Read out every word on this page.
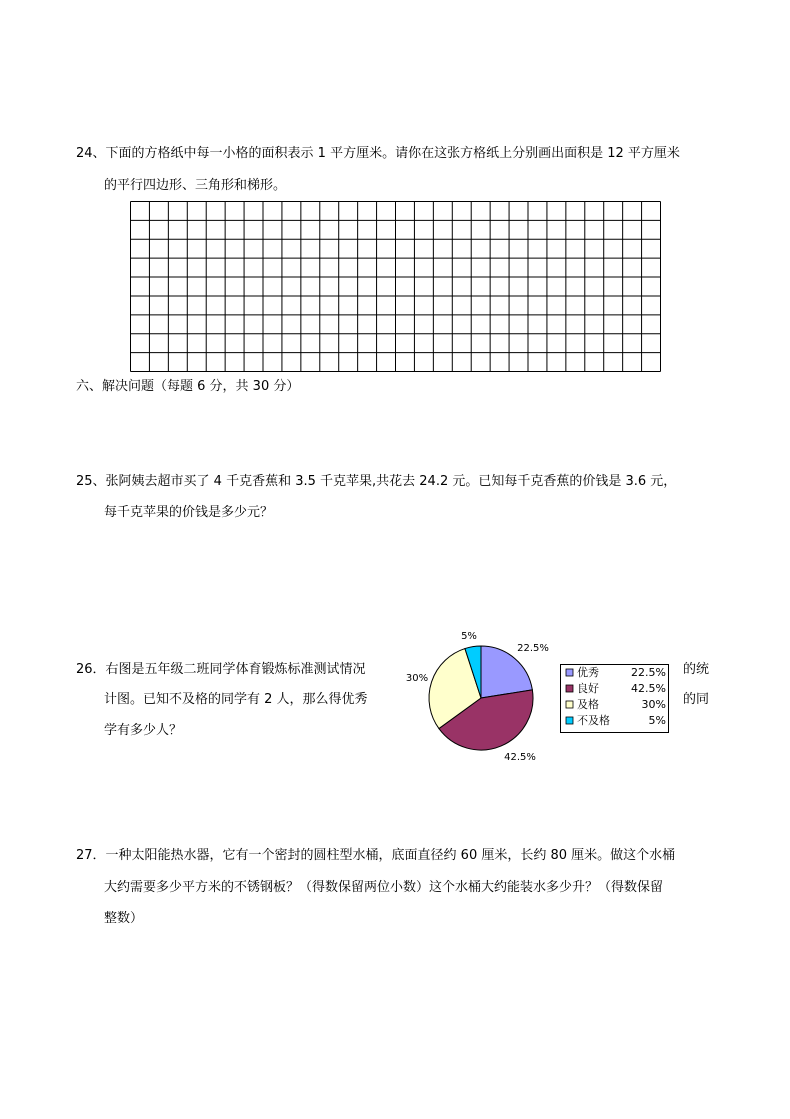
24、下面的方格纸中每一小格的面积表示 1 平方厘米。请你在这张方格纸上分别画出面积是 12 平方厘米
的平行四边形、三角形和梯形。
六、解决问题（每题 6 分，共 30 分）
25、张阿姨去超市买了 4 千克香蕉和 3.5 千克苹果,共花去 24.2 元。已知每千克香蕉的价钱是 3.6 元，
每千克苹果的价钱是多少元？
26．右图是五年级二班同学体育锻炼标准测试情况	的统
计图。已知不及格的同学有 2 人，那么得优秀	的同
学有多少人？
22.5%
42.5%
30%
5%
优秀	22.5%
良好	42.5%
及格	30%
不及格	5%
27．一种太阳能热水器，它有一个密封的圆柱型水桶，底面直径约 60 厘米，长约 80 厘米。做这个水桶
大约需要多少平方米的不锈钢板？（得数保留两位小数）这个水桶大约能装水多少升？（得数保留
整数）
